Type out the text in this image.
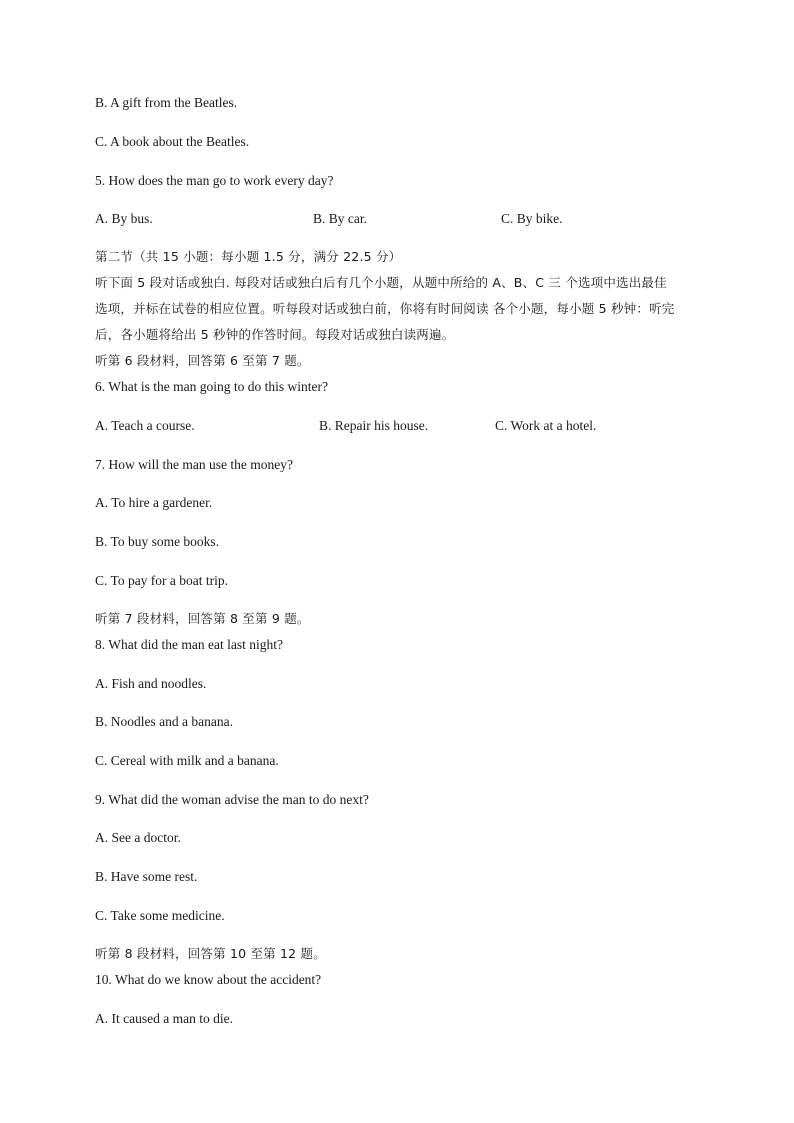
B. A gift from the Beatles.
C. A book about the Beatles.
5. How does the man go to work every day?
A. By bus.	B. By car.	C. By bike.
第二节（共 15 小题：每小题 1.5 分，满分 22.5 分）
听下面 5 段对话或独白. 每段对话或独白后有几个小题，从题中所给的 A、B、C 三 个选项中选出最佳
选项，并标在试卷的相应位置。听每段对话或独白前，你将有时间阅读 各个小题，每小题 5 秒钟：听完
后，各小题将给出 5 秒钟的作答时间。每段对话或独白读两遍。
听第 6 段材料，回答第 6 至第 7 题。
6. What is the man going to do this winter?
A. Teach a course.	B. Repair his house.	C. Work at a hotel.
7. How will the man use the money?
A. To hire a gardener.
B. To buy some books.
C. To pay for a boat trip.
听第 7 段材料，回答第 8 至第 9 题。
8. What did the man eat last night?
A. Fish and noodles.
B. Noodles and a banana.
C. Cereal with milk and a banana.
9. What did the woman advise the man to do next?
A. See a doctor.
B. Have some rest.
C. Take some medicine.
听第 8 段材料，回答第 10 至第 12 题。
10. What do we know about the accident?
A. It caused a man to die.
